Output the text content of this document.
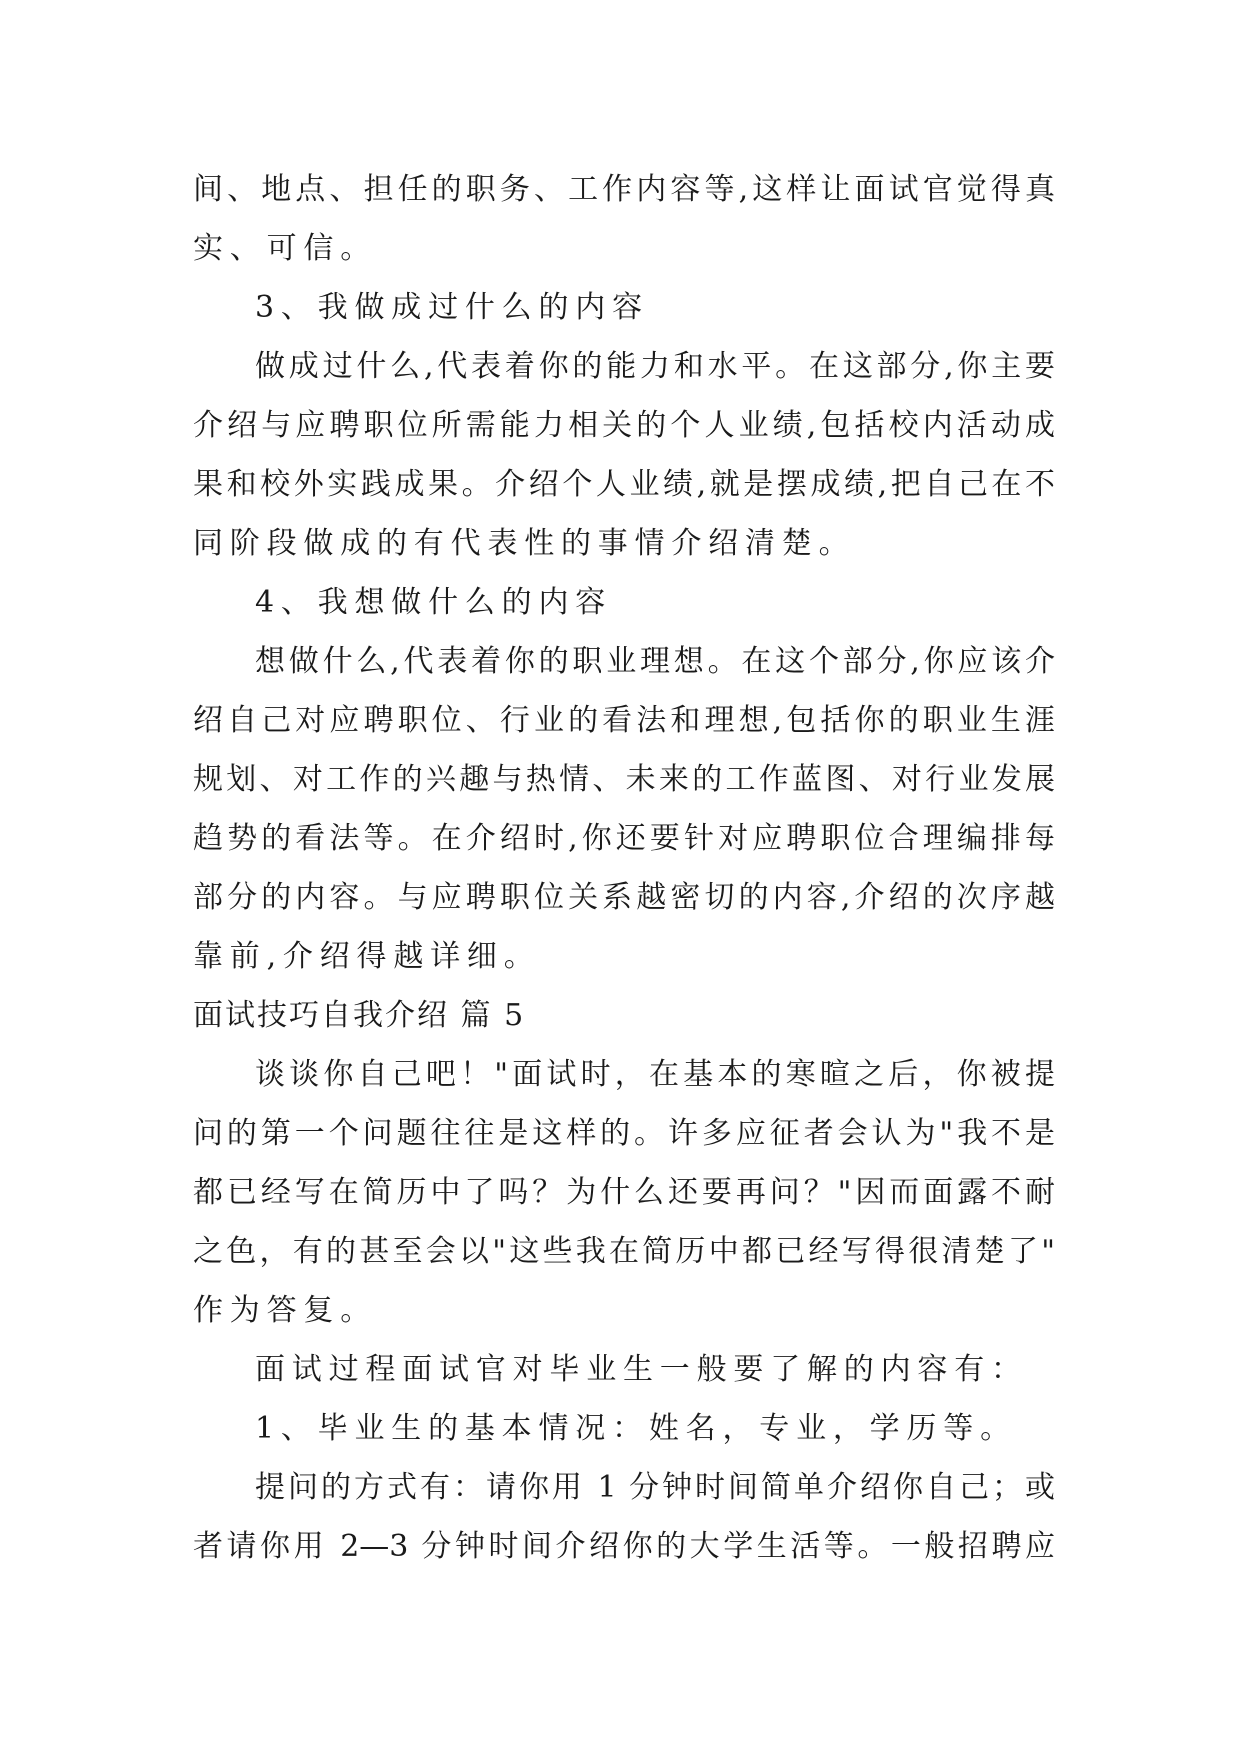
间、地点、担任的职务、工作内容等,这样让面试官觉得真
实、可信。
3、我做成过什么的内容
做成过什么,代表着你的能力和水平。在这部分,你主要
介绍与应聘职位所需能力相关的个人业绩,包括校内活动成
果和校外实践成果。介绍个人业绩,就是摆成绩,把自己在不
同阶段做成的有代表性的事情介绍清楚。
4、我想做什么的内容
想做什么,代表着你的职业理想。在这个部分,你应该介
绍自己对应聘职位、行业的看法和理想,包括你的职业生涯
规划、对工作的兴趣与热情、未来的工作蓝图、对行业发展
趋势的看法等。在介绍时,你还要针对应聘职位合理编排每
部分的内容。与应聘职位关系越密切的内容,介绍的次序越
靠前,介绍得越详细。
面试技巧自我介绍 篇 5
谈谈你自己吧！"面试时，在基本的寒暄之后，你被提
问的第一个问题往往是这样的。许多应征者会认为"我不是
都已经写在简历中了吗？为什么还要再问？"因而面露不耐
之色，有的甚至会以"这些我在简历中都已经写得很清楚了"
作为答复。
面试过程面试官对毕业生一般要了解的内容有：
1、毕业生的基本情况：姓名，专业，学历等。
提问的方式有：请你用 1 分钟时间简单介绍你自己；或
者请你用 2—3 分钟时间介绍你的大学生活等。一般招聘应
